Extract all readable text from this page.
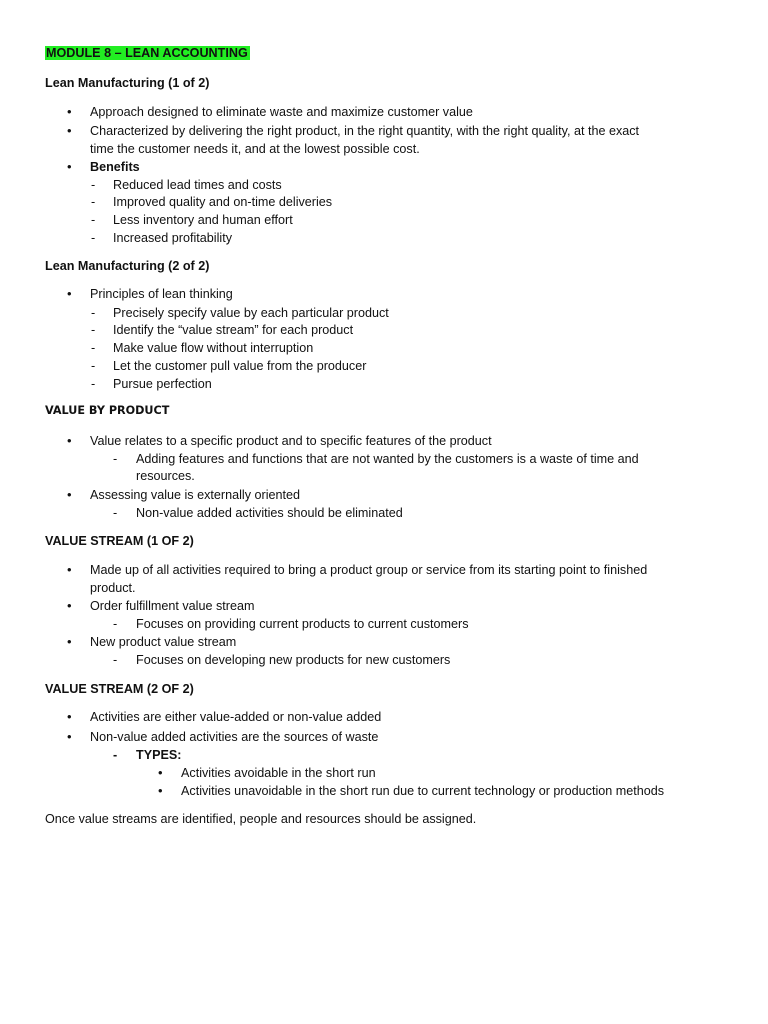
MODULE 8 – LEAN ACCOUNTING
Lean Manufacturing (1 of 2)
• Approach designed to eliminate waste and maximize customer value
• Characterized by delivering the right product, in the right quantity, with the right quality, at the exact
time the customer needs it, and at the lowest possible cost.
• Benefits
- Reduced lead times and costs
- Improved quality and on-time deliveries
- Less inventory and human effort
- Increased profitability
Lean Manufacturing (2 of 2)
• Principles of lean thinking
- Precisely specify value by each particular product
- Identify the “value stream” for each product
- Make value flow without interruption
- Let the customer pull value from the producer
- Pursue perfection
VALUE BY PRODUCT
• Value relates to a specific product and to specific features of the product
- Adding features and functions that are not wanted by the customers is a waste of time and
resources.
• Assessing value is externally oriented
- Non-value added activities should be eliminated
VALUE STREAM (1 OF 2)
• Made up of all activities required to bring a product group or service from its starting point to finished
product.
• Order fulfillment value stream
- Focuses on providing current products to current customers
• New product value stream
- Focuses on developing new products for new customers
VALUE STREAM (2 OF 2)
• Activities are either value-added or non-value added
• Non-value added activities are the sources of waste
- TYPES:
• Activities avoidable in the short run
• Activities unavoidable in the short run due to current technology or production methods
Once value streams are identified, people and resources should be assigned.
